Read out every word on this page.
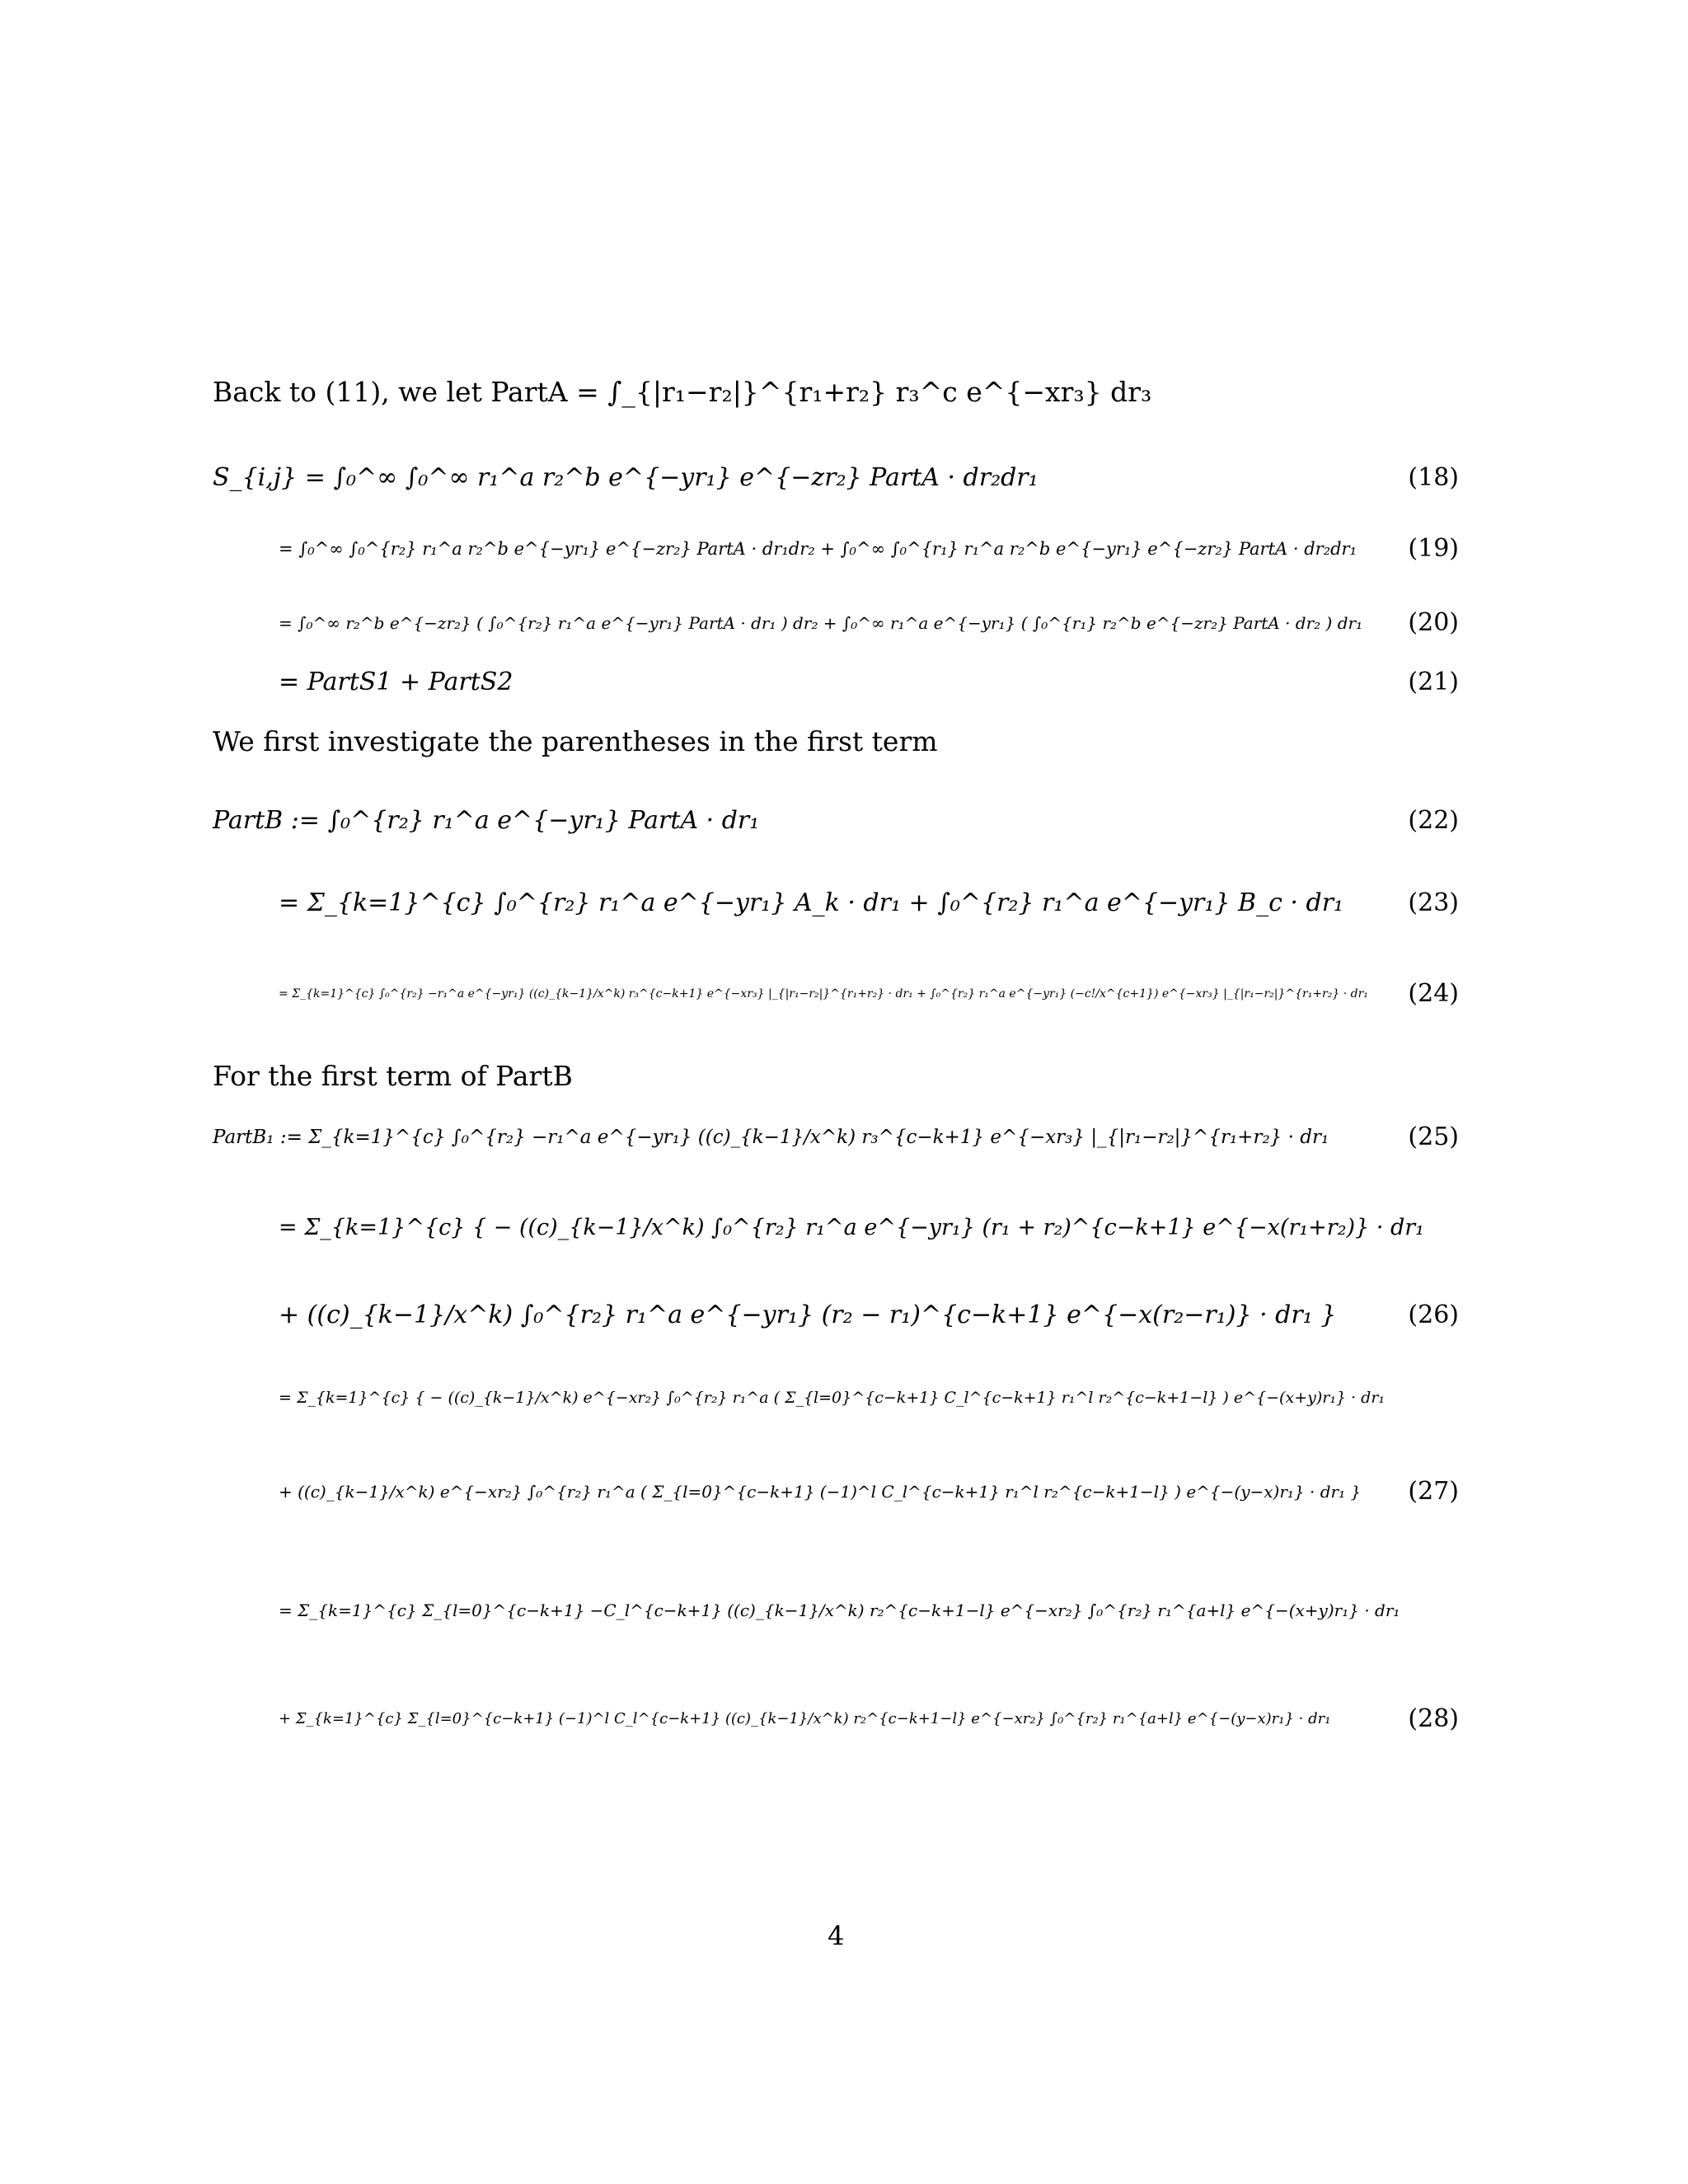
Back to (11), we let PartA = ∫_{|r₁−r₂|}^{r₁+r₂} r₃^c e^{−xr₃} dr₃
S_{i,j} = ∫₀^∞ ∫₀^∞ r₁^a r₂^b e^{−yr₁} e^{−zr₂} PartA · dr₂dr₁	(18)
= ∫₀^∞ ∫₀^{r₂} r₁^a r₂^b e^{−yr₁} e^{−zr₂} PartA · dr₁dr₂ + ∫₀^∞ ∫₀^{r₁} r₁^a r₂^b e^{−yr₁} e^{−zr₂} PartA · dr₂dr₁ (19)
= ∫₀^∞ r₂^b e^{−zr₂} ( ∫₀^{r₂} r₁^a e^{−yr₁} PartA · dr₁ ) dr₂ + ∫₀^∞ r₁^a e^{−yr₁} ( ∫₀^{r₁} r₂^b e^{−zr₂} PartA · dr₂ ) dr₁ (20)
= PartS1 + PartS2	(21)
We first investigate the parentheses in the first term
PartB := ∫₀^{r₂} r₁^a e^{−yr₁} PartA · dr₁	(22)
= Σ_{k=1}^{c} ∫₀^{r₂} r₁^a e^{−yr₁} A_k · dr₁ + ∫₀^{r₂} r₁^a e^{−yr₁} B_c · dr₁	(23)
= Σ_{k=1}^{c} ∫₀^{r₂} −r₁^a e^{−yr₁} ((c)_{k−1}/x^k) r₃^{c−k+1} e^{−xr₃} |_{|r₁−r₂|}^{r₁+r₂} · dr₁ + ∫₀^{r₂} r₁^a e^{−yr₁} (−c!/x^{c+1}) e^{−xr₃} |_{|r₁−r₂|}^{r₁+r₂} · dr₁ (24)
For the first term of PartB
PartB₁ := Σ_{k=1}^{c} ∫₀^{r₂} −r₁^a e^{−yr₁} ((c)_{k−1}/x^k) r₃^{c−k+1} e^{−xr₃} |_{|r₁−r₂|}^{r₁+r₂} · dr₁	(25)
= Σ_{k=1}^{c} { − ((c)_{k−1}/x^k) ∫₀^{r₂} r₁^a e^{−yr₁} (r₁ + r₂)^{c−k+1} e^{−x(r₁+r₂)} · dr₁
+ ((c)_{k−1}/x^k) ∫₀^{r₂} r₁^a e^{−yr₁} (r₂ − r₁)^{c−k+1} e^{−x(r₂−r₁)} · dr₁ }	(26)
= Σ_{k=1}^{c} { − ((c)_{k−1}/x^k) e^{−xr₂} ∫₀^{r₂} r₁^a ( Σ_{l=0}^{c−k+1} C_l^{c−k+1} r₁^l r₂^{c−k+1−l} ) e^{−(x+y)r₁} · dr₁
+ ((c)_{k−1}/x^k) e^{−xr₂} ∫₀^{r₂} r₁^a ( Σ_{l=0}^{c−k+1} (−1)^l C_l^{c−k+1} r₁^l r₂^{c−k+1−l} ) e^{−(y−x)r₁} · dr₁ } (27)
= Σ_{k=1}^{c} Σ_{l=0}^{c−k+1} −C_l^{c−k+1} ((c)_{k−1}/x^k) r₂^{c−k+1−l} e^{−xr₂} ∫₀^{r₂} r₁^{a+l} e^{−(x+y)r₁} · dr₁
+ Σ_{k=1}^{c} Σ_{l=0}^{c−k+1} (−1)^l C_l^{c−k+1} ((c)_{k−1}/x^k) r₂^{c−k+1−l} e^{−xr₂} ∫₀^{r₂} r₁^{a+l} e^{−(y−x)r₁} · dr₁	(28)
4
